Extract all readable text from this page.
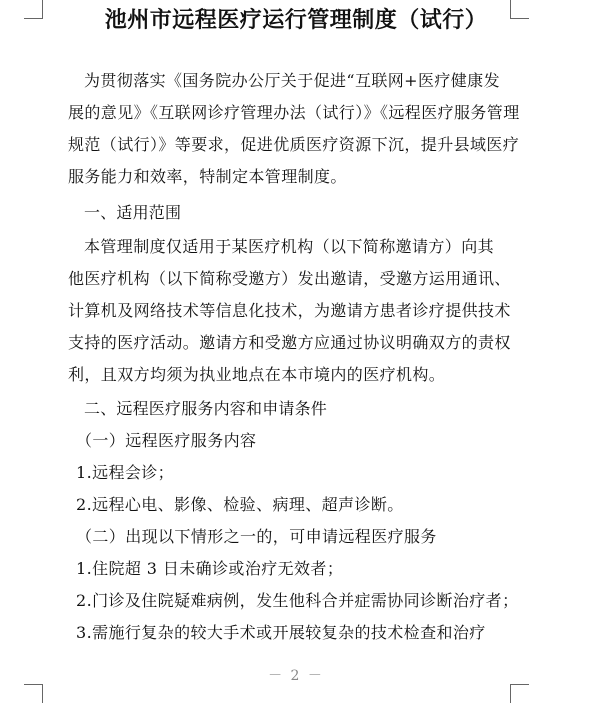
池州市远程医疗运行管理制度（试行）
为贯彻落实《国务院办公厅关于促进“互联网+医疗健康发
展的意见》《互联网诊疗管理办法（试行）》《远程医疗服务管理
规范（试行）》等要求，促进优质医疗资源下沉，提升县域医疗
服务能力和效率，特制定本管理制度。
一、适用范围
本管理制度仅适用于某医疗机构（以下简称邀请方）向其
他医疗机构（以下简称受邀方）发出邀请，受邀方运用通讯、
计算机及网络技术等信息化技术，为邀请方患者诊疗提供技术
支持的医疗活动。邀请方和受邀方应通过协议明确双方的责权
利，且双方均须为执业地点在本市境内的医疗机构。
二、远程医疗服务内容和申请条件
（一）远程医疗服务内容
1.远程会诊；
2.远程心电、影像、检验、病理、超声诊断。
（二）出现以下情形之一的，可申请远程医疗服务
1.住院超 3 日未确诊或治疗无效者；
2.门诊及住院疑难病例，发生他科合并症需协同诊断治疗者；
3.需施行复杂的较大手术或开展较复杂的技术检查和治疗
－ 2 －
